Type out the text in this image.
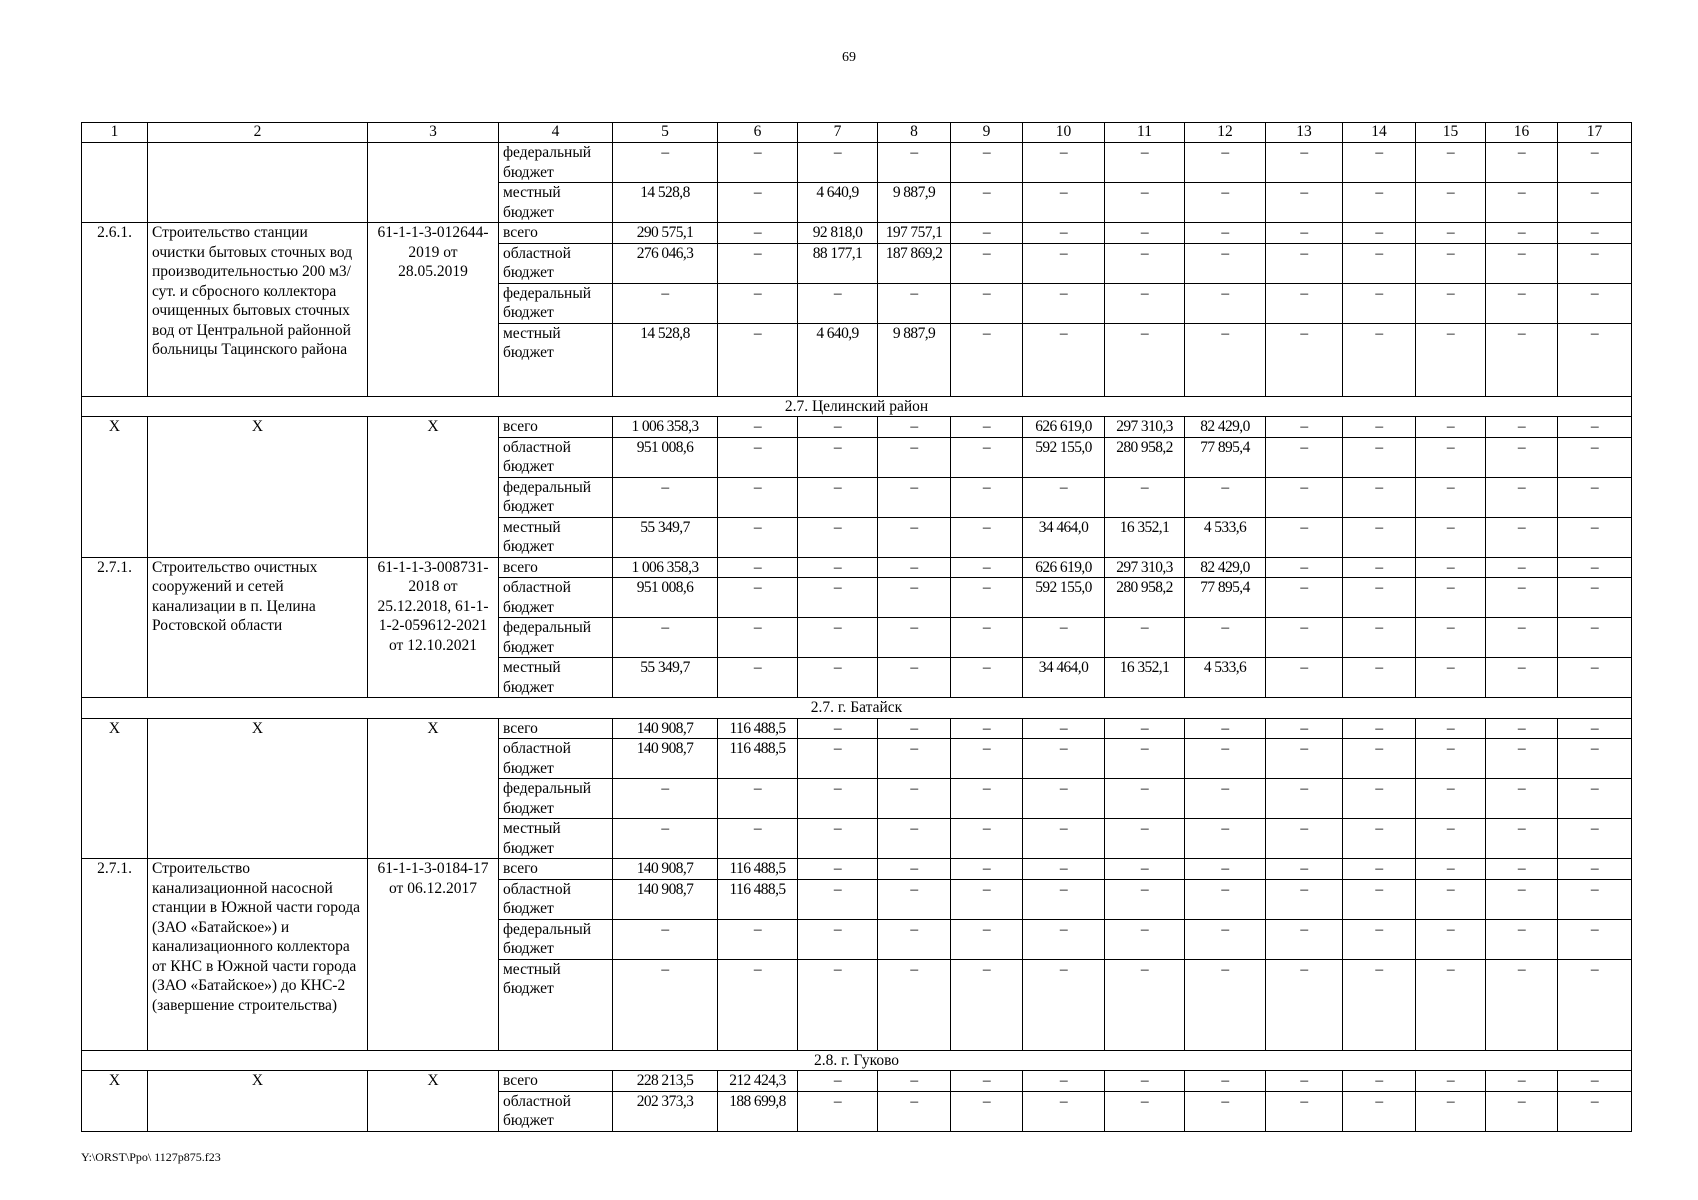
69
1	2	3	4	5	6	7	8	9	10	11	12	13	14	15	16	17
			федеральный бюджет	–	–	–	–	–	–	–	–	–	–	–	–	–
			местный бюджет	14 528,8	–	4 640,9	9 887,9	–	–	–	–	–	–	–	–	–
2.6.1.	Строительство станции очистки бытовых сточных вод производительностью 200 м3/сут. и сбросного коллектора очищенных бытовых сточных вод от Центральной районной больницы Тацинского района	61-1-1-3-012644-2019 от 28.05.2019	всего	290 575,1	–	92 818,0	197 757,1	–	–	–	–	–	–	–	–	–
			областной бюджет	276 046,3	–	88 177,1	187 869,2	–	–	–	–	–	–	–	–	–
			федеральный бюджет	–	–	–	–	–	–	–	–	–	–	–	–	–
			местный бюджет	14 528,8	–	4 640,9	9 887,9	–	–	–	–	–	–	–	–	–
2.7. Целинский район																
Х	Х	Х	всего	1 006 358,3	–	–	–	–	626 619,0	297 310,3	82 429,0	–	–	–	–	–
			областной бюджет	951 008,6	–	–	–	–	592 155,0	280 958,2	77 895,4	–	–	–	–	–
			федеральный бюджет	–	–	–	–	–	–	–	–	–	–	–	–	–
			местный бюджет	55 349,7	–	–	–	–	34 464,0	16 352,1	4 533,6	–	–	–	–	–
2.7.1.	Строительство очистных сооружений и сетей канализации в п. Целина Ростовской области	61-1-1-3-008731-2018 от 25.12.2018, 61-1-1-2-059612-2021 от 12.10.2021	всего	1 006 358,3	–	–	–	–	626 619,0	297 310,3	82 429,0	–	–	–	–	–
			областной бюджет	951 008,6	–	–	–	–	592 155,0	280 958,2	77 895,4	–	–	–	–	–
			федеральный бюджет	–	–	–	–	–	–	–	–	–	–	–	–	–
			местный бюджет	55 349,7	–	–	–	–	34 464,0	16 352,1	4 533,6	–	–	–	–	–
2.7. г. Батайск																
Х	Х	Х	всего	140 908,7	116 488,5	–	–	–	–	–	–	–	–	–	–	–
			областной бюджет	140 908,7	116 488,5	–	–	–	–	–	–	–	–	–	–	–
			федеральный бюджет	–	–	–	–	–	–	–	–	–	–	–	–	–
			местный бюджет	–	–	–	–	–	–	–	–	–	–	–	–	–
2.7.1.	Строительство канализационной насосной станции в Южной части города (ЗАО «Батайское») и канализационного коллектора от КНС в Южной части города (ЗАО «Батайское») до КНС-2 (завершение строительства)	61-1-1-3-0184-17 от 06.12.2017	всего	140 908,7	116 488,5	–	–	–	–	–	–	–	–	–	–	–
			областной бюджет	140 908,7	116 488,5	–	–	–	–	–	–	–	–	–	–	–
			федеральный бюджет	–	–	–	–	–	–	–	–	–	–	–	–	–
			местный бюджет	–	–	–	–	–	–	–	–	–	–	–	–	–
2.8. г. Гуково																
Х	Х	Х	всего	228 213,5	212 424,3	–	–	–	–	–	–	–	–	–	–	–
			областной бюджет	202 373,3	188 699,8	–	–	–	–	–	–	–	–	–	–	–
Y:\ORST\Ppo\ 1127p875.f23
